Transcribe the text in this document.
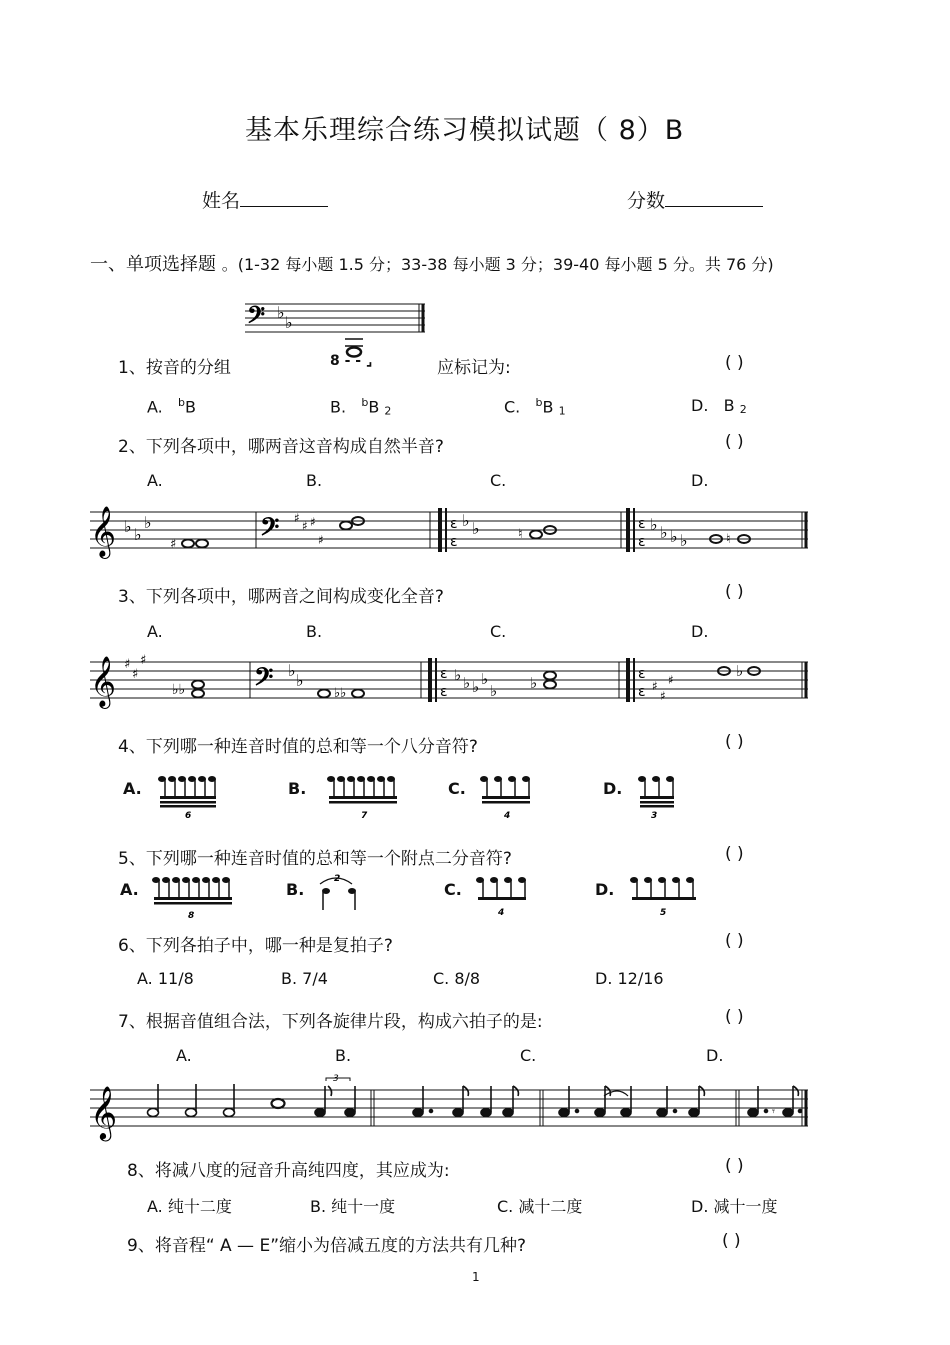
基本乐理综合练习模拟试题（ 8）B
姓名	分数
一、单项选择题 。(1-32 每小题 1.5 分；33-38 每小题 3 分；39-40 每小题 5 分。共 76 分)
𝄢 ♭
♭
1、按音的分组	8 - - ⌟	应标记为:	( )
A. $^b$B	B. $^b$B 2	C. $^b$B 1	D. B 2
2、下列各项中，哪两音这音构成自然半音?	( )
A.	B.	C.	D.
𝄞 ♭ ♭
♭
♯	𝄢 ♯
♯ ♯
♯
ɛ
ɛ
♭ ♭	♮
ɛ
ɛ
♭ ♭ ♭ ♭	♮
3、下列各项中，哪两音之间构成变化全音?	( )
A.	B.	C.	D.
𝄞 ♯
♯
♯
♭♭ 𝄢 ♭
♭
♭♭
ɛ
ɛ
♭ ♭ ♭ ♭
♭ ♭	ɛ
ɛ ♯
♯
♯	♭
4、下列哪一种连音时值的总和等一个八分音符?	( )
A.
6
B.
7
C.
4
D.
3
5、下列哪一种连音时值的总和等一个附点二分音符?	( )
A.
8
B.
2
C.
4
D.
5
6、下列各拍子中，哪一种是复拍子?	( )
A. 11/8	B. 7/4	C. 8/8	D. 12/16
7、根据音值组合法，下列各旋律片段，构成六拍子的是:	( )
A.	B.	C.	D.
𝄞
3
𝄾
8、将减八度的冠音升高纯四度，其应成为:	( )
A. 纯十二度	B. 纯十一度	C. 减十二度	D. 减十一度
9、将音程“ A — E”缩小为倍减五度的方法共有几种?	( )
1
